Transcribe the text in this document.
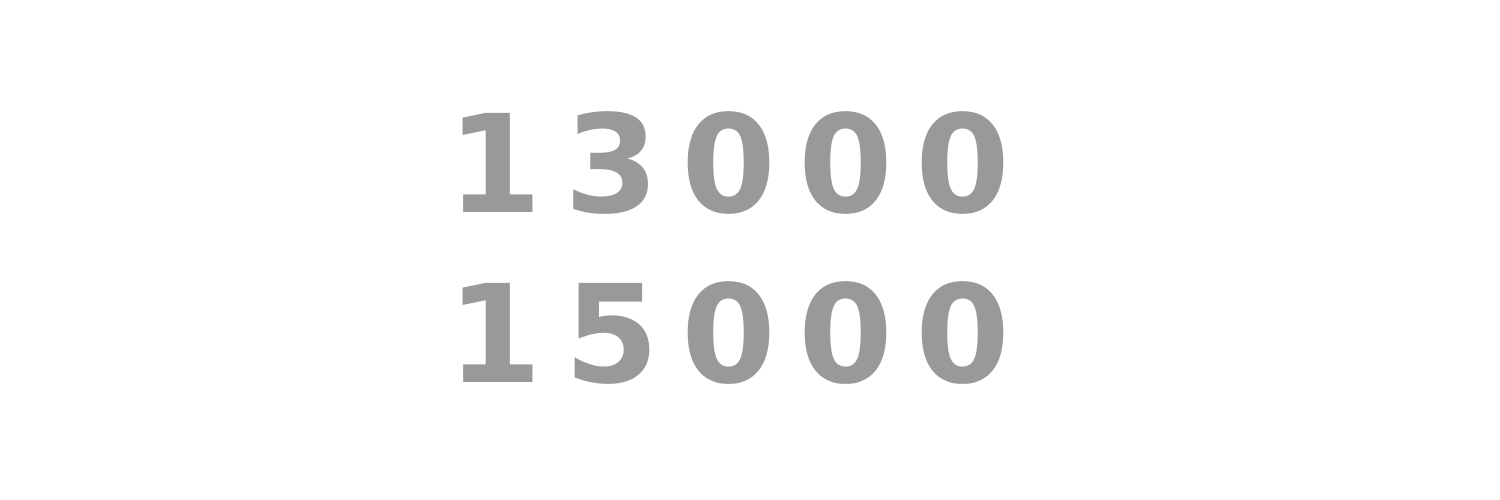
1 3 0 0 0
1 5 0 0 0
